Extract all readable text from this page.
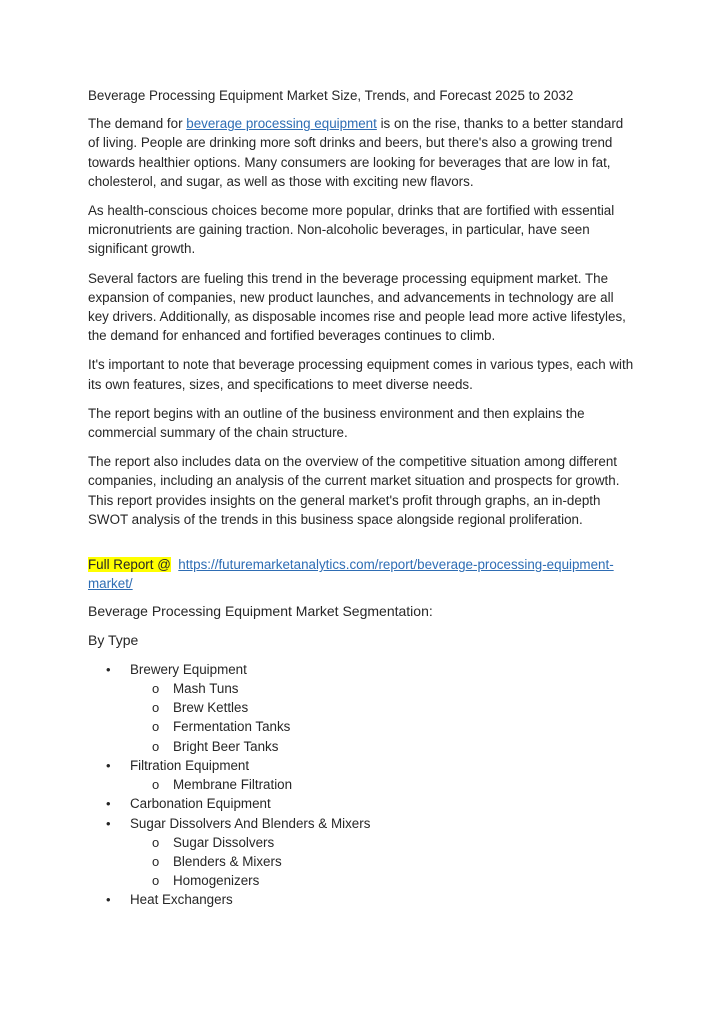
Beverage Processing Equipment Market Size, Trends, and Forecast 2025 to 2032

The demand for beverage processing equipment is on the rise, thanks to a better standard of living. People are drinking more soft drinks and beers, but there's also a growing trend towards healthier options. Many consumers are looking for beverages that are low in fat, cholesterol, and sugar, as well as those with exciting new flavors.

As health-conscious choices become more popular, drinks that are fortified with essential micronutrients are gaining traction. Non-alcoholic beverages, in particular, have seen significant growth.

Several factors are fueling this trend in the beverage processing equipment market. The expansion of companies, new product launches, and advancements in technology are all key drivers. Additionally, as disposable incomes rise and people lead more active lifestyles, the demand for enhanced and fortified beverages continues to climb.

It's important to note that beverage processing equipment comes in various types, each with its own features, sizes, and specifications to meet diverse needs.

The report begins with an outline of the business environment and then explains the commercial summary of the chain structure.

The report also includes data on the overview of the competitive situation among different companies, including an analysis of the current market situation and prospects for growth. This report provides insights on the general market's profit through graphs, an in-depth SWOT analysis of the trends in this business space alongside regional proliferation.

Full Report @ https://futuremarketanalytics.com/report/beverage-processing-equipment-market/

Beverage Processing Equipment Market Segmentation:

By Type

• Brewery Equipment
o Mash Tuns
o Brew Kettles
o Fermentation Tanks
o Bright Beer Tanks
• Filtration Equipment
o Membrane Filtration
• Carbonation Equipment
• Sugar Dissolvers And Blenders & Mixers
o Sugar Dissolvers
o Blenders & Mixers
o Homogenizers
• Heat Exchangers
